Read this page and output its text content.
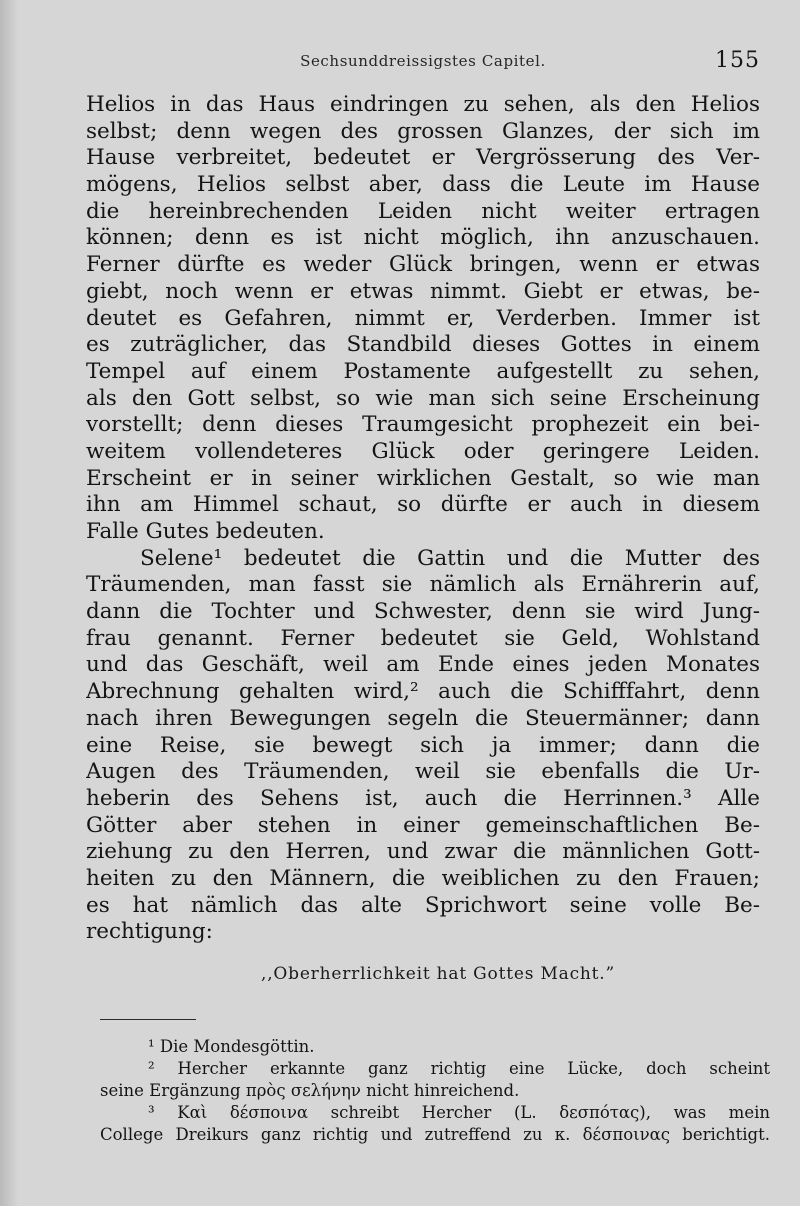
Sechsunddreissigstes Capitel.	155
Helios in das Haus eindringen zu sehen, als den Helios
selbst; denn wegen des grossen Glanzes, der sich im
Hause verbreitet, bedeutet er Vergrösserung des Ver-
mögens, Helios selbst aber, dass die Leute im Hause
die hereinbrechenden Leiden nicht weiter ertragen
können; denn es ist nicht möglich, ihn anzuschauen.
Ferner dürfte es weder Glück bringen, wenn er etwas
giebt, noch wenn er etwas nimmt. Giebt er etwas, be-
deutet es Gefahren, nimmt er, Verderben. Immer ist
es zuträglicher, das Standbild dieses Gottes in einem
Tempel auf einem Postamente aufgestellt zu sehen,
als den Gott selbst, so wie man sich seine Erscheinung
vorstellt; denn dieses Traumgesicht prophezeit ein bei-
weitem vollendeteres Glück oder geringere Leiden.
Erscheint er in seiner wirklichen Gestalt, so wie man
ihn am Himmel schaut, so dürfte er auch in diesem
Falle Gutes bedeuten.
Selene¹ bedeutet die Gattin und die Mutter des
Träumenden, man fasst sie nämlich als Ernährerin auf,
dann die Tochter und Schwester, denn sie wird Jung-
frau genannt. Ferner bedeutet sie Geld, Wohlstand
und das Geschäft, weil am Ende eines jeden Monates
Abrechnung gehalten wird,² auch die Schifffahrt, denn
nach ihren Bewegungen segeln die Steuermänner; dann
eine Reise, sie bewegt sich ja immer; dann die
Augen des Träumenden, weil sie ebenfalls die Ur-
heberin des Sehens ist, auch die Herrinnen.³ Alle
Götter aber stehen in einer gemeinschaftlichen Be-
ziehung zu den Herren, und zwar die männlichen Gott-
heiten zu den Männern, die weiblichen zu den Frauen;
es hat nämlich das alte Sprichwort seine volle Be-
rechtigung:
,,Oberherrlichkeit hat Gottes Macht.”
¹ Die Mondesgöttin.
² Hercher erkannte ganz richtig eine Lücke, doch scheint
seine Ergänzung πρὸς σελήνην nicht hinreichend.
³ Καὶ δέσποινα schreibt Hercher (L. δεσπότας), was mein
College Dreikurs ganz richtig und zutreffend zu κ. δέσποινας berichtigt.
